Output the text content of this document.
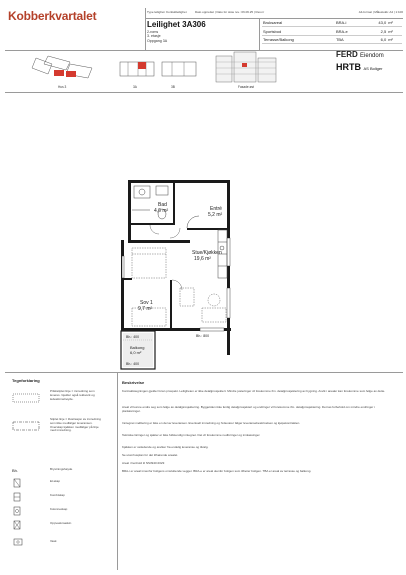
Kobberkvartalet	Type leilighet: Konfektleilighet	Dato opprettet | Dato for siste rev.: 06.06.25 | Rev.nr	A4-format | Målestokk: A4 | 1:100
Leilighet 3A306
2-roms
3. etasje
Oppgang 3A
Bruksareal	BRA-i	43,0	m²
Sportsbod	BRA-e	2,5	m²
Terrasse/Balkong	TBA	6,0	m²
Hus 3	3A	3B	Fasade øst
FERD Eiendom
HRTB AS Boliger
Bad
4,6 m²	Entré
5,2 m²
Stue/Kjøkken
19,6 m²
Sov 1
9,7 m²
Balkong
6,0 m²
Bh.: 400	Bh.: 800
Bh.: 400
Tegnforklaring
Prikkstiplet linje = innredning som leveres. Gjelder også rekkverk og ledeskinnehøyde.
Stiplet linje = illustrasjon av innredning som ikke medfølger leveransen. Overskap kjøkken medfølger på linje med innredning.
Bh.	Brystningshøyde
El-skap
Kombiskap
Kolonneskap
Oppvaskmaskin
Vask
Beskrivelse
Kontraktstegningen gjelder foran prospekt. Leiligheten er ikke detaljprosjektert. Mindre justeringer vil forekomme ifm. detaljprosjektering av bygning. Avvik i arealer kan forekomme som følge av dette.
Areal vil kunne endre seg som følge av detaljprosjektering. Byggetiden ikke ferdig detaljprosjektert og endringer vil forekomme ifm. detaljprosjektering. Det tas forbehold om mindre endringer i planløsninger.
Inntegnet møblering er ikke en del av leveransen. Eventuell innredning og hvitevarer følger leveransebeskrivelsen og kjøpekontrakten.
Tekniske føringer og sjakter er ikke fullstendig inntegnet. Det vil forekomme nedforinger og innkassinger.
Kjøkken er veiledende og avviker fra endelig leveranse og tilvalg.
Se utomhusplan for det tilhørende arealet.
Areal i henhold til NS3940:2023:
BRA-i er areal innenfor boligens omsluttende vegger. BRA-e er areal utenfor boligen som tilhører boligen. TBA er areal av terrasse og balkong.
